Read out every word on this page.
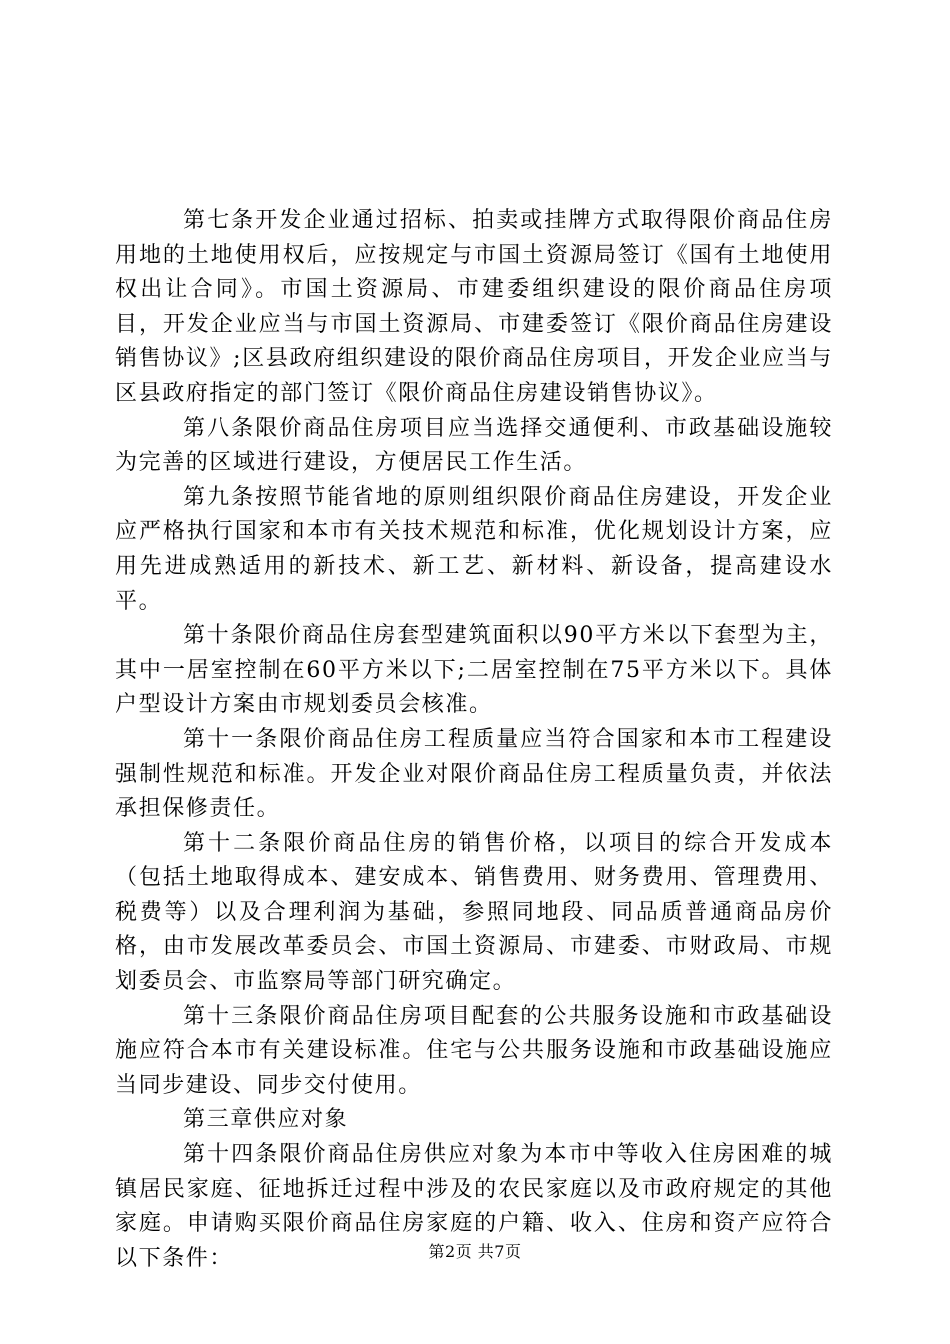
第七条开发企业通过招标、拍卖或挂牌方式取得限价商品住房用地的土地使用权后，应按规定与市国土资源局签订《国有土地使用权出让合同》。市国土资源局、市建委组织建设的限价商品住房项目，开发企业应当与市国土资源局、市建委签订《限价商品住房建设销售协议》;区县政府组织建设的限价商品住房项目，开发企业应当与区县政府指定的部门签订《限价商品住房建设销售协议》。

第八条限价商品住房项目应当选择交通便利、市政基础设施较为完善的区域进行建设，方便居民工作生活。

第九条按照节能省地的原则组织限价商品住房建设，开发企业应严格执行国家和本市有关技术规范和标准，优化规划设计方案，应用先进成熟适用的新技术、新工艺、新材料、新设备，提高建设水平。

第十条限价商品住房套型建筑面积以90平方米以下套型为主，其中一居室控制在60平方米以下;二居室控制在75平方米以下。具体户型设计方案由市规划委员会核准。

第十一条限价商品住房工程质量应当符合国家和本市工程建设强制性规范和标准。开发企业对限价商品住房工程质量负责，并依法承担保修责任。

第十二条限价商品住房的销售价格，以项目的综合开发成本（包括土地取得成本、建安成本、销售费用、财务费用、管理费用、税费等）以及合理利润为基础，参照同地段、同品质普通商品房价格，由市发展改革委员会、市国土资源局、市建委、市财政局、市规划委员会、市监察局等部门研究确定。

第十三条限价商品住房项目配套的公共服务设施和市政基础设施应符合本市有关建设标准。住宅与公共服务设施和市政基础设施应当同步建设、同步交付使用。

第三章供应对象

第十四条限价商品住房供应对象为本市中等收入住房困难的城镇居民家庭、征地拆迁过程中涉及的农民家庭以及市政府规定的其他家庭。申请购买限价商品住房家庭的户籍、收入、住房和资产应符合以下条件：	第2页 共7页
